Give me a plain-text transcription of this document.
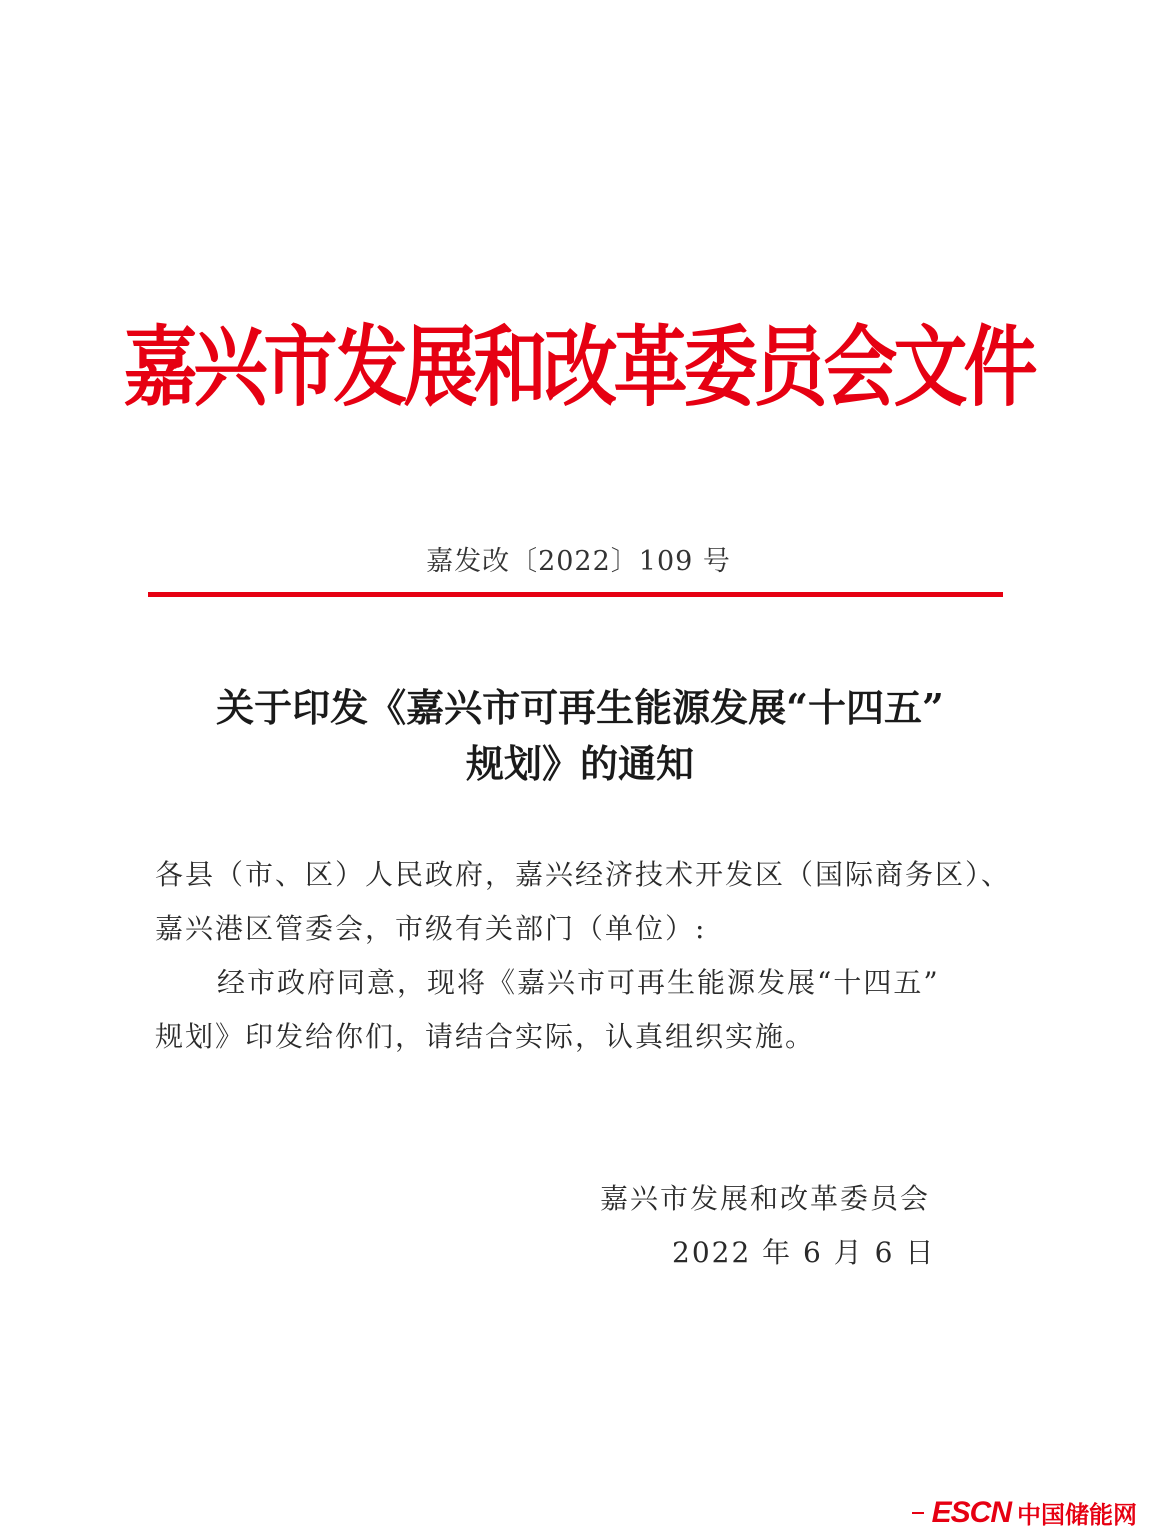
嘉兴市发展和改革委员会文件
嘉发改〔2022〕109 号
关于印发《嘉兴市可再生能源发展“十四五”
规划》的通知
各县（市、区）人民政府，嘉兴经济技术开发区（国际商务区）、
嘉兴港区管委会，市级有关部门（单位）:
经市政府同意，现将《嘉兴市可再生能源发展“十四五”
规划》印发给你们，请结合实际，认真组织实施。
嘉兴市发展和改革委员会
2022 年 6 月 6 日
ESCN 中国储能网
